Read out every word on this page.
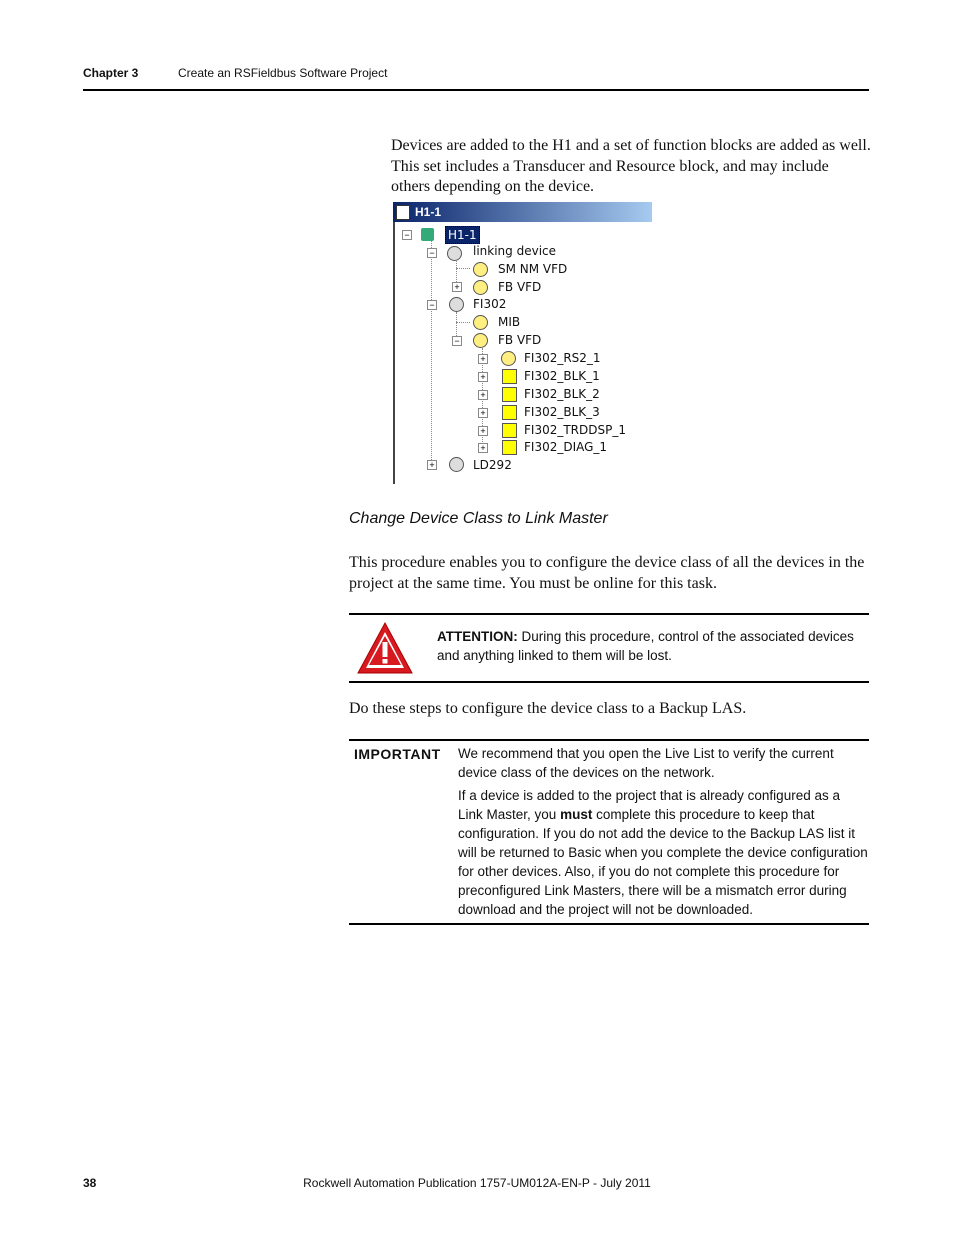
Chapter 3	Create an RSFieldbus Software Project
Devices are added to the H1 and a set of function blocks are added as well. This set includes a Transducer and Resource block, and may include others depending on the device.
H1-1
−	H1-1
−	linking device
SM NM VFD
+	FB VFD
−	FI302
MIB
−	FB VFD
+	FI302_RS2_1
+	FI302_BLK_1
+	FI302_BLK_2
+	FI302_BLK_3
+	FI302_TRDDSP_1
+	FI302_DIAG_1
+	LD292
Change Device Class to Link Master
This procedure enables you to configure the device class of all the devices in the project at the same time. You must be online for this task.
ATTENTION: During this procedure, control of the associated devices and anything linked to them will be lost.
Do these steps to configure the device class to a Backup LAS.
IMPORTANT We recommend that you open the Live List to verify the current device class of the devices on the network.

If a device is added to the project that is already configured as a Link Master, you must complete this procedure to keep that configuration. If you do not add the device to the Backup LAS list it will be returned to Basic when you complete the device configuration for other devices. Also, if you do not complete this procedure for preconfigured Link Masters, there will be a mismatch error during download and the project will not be downloaded.

38	Rockwell Automation Publication 1757-UM012A-EN-P - July 2011
